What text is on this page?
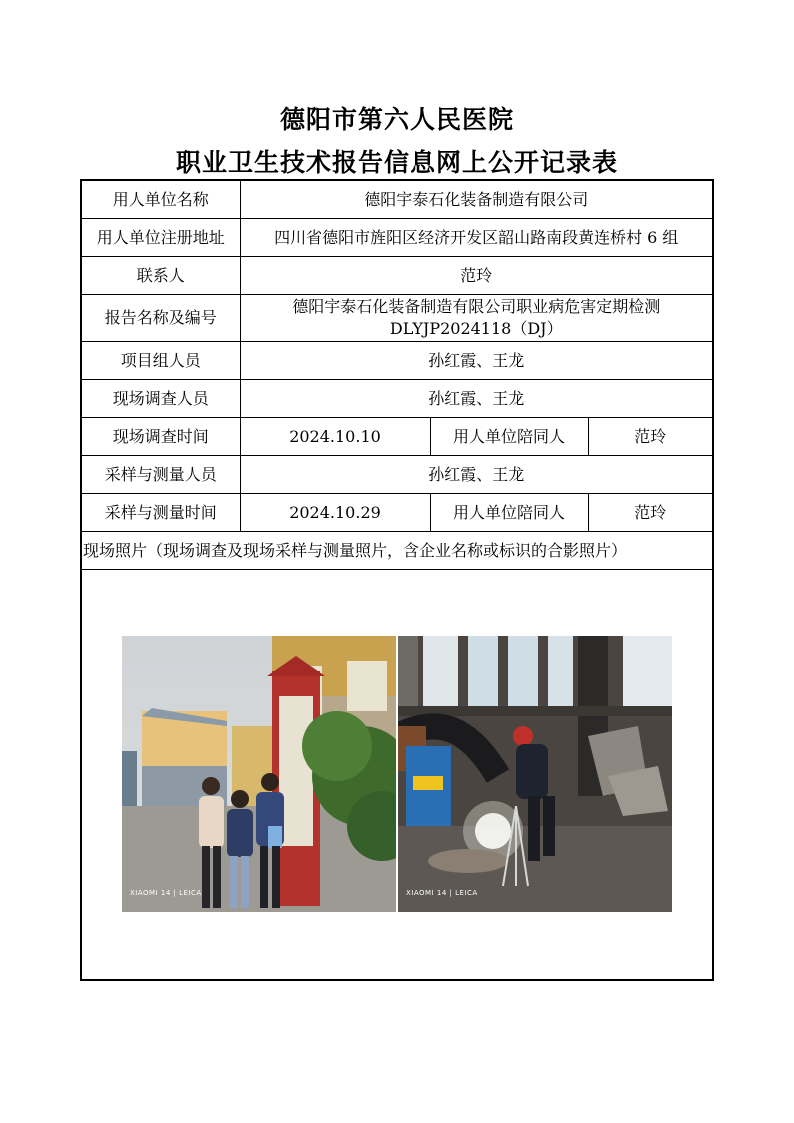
德阳市第六人民医院
职业卫生技术报告信息网上公开记录表
用人单位名称	德阳宇泰石化装备制造有限公司		
用人单位注册地址	四川省德阳市旌阳区经济开发区韶山路南段黄连桥村 6 组		
联系人	范玲		
报告名称及编号	德阳宇泰石化装备制造有限公司职业病危害定期检测
DLYJP2024118（DJ）		

项目组人员	孙红霞、王龙		
现场调查人员	孙红霞、王龙		
现场调查时间	2024.10.10	用人单位陪同人	范玲
采样与测量人员	孙红霞、王龙		
采样与测量时间	2024.10.29	用人单位陪同人	范玲
现场照片（现场调查及现场采样与测量照片，含企业名称或标识的合影照片）			

XIAOMI 14 | LEICA XIAOMI 14 | LEICA			
